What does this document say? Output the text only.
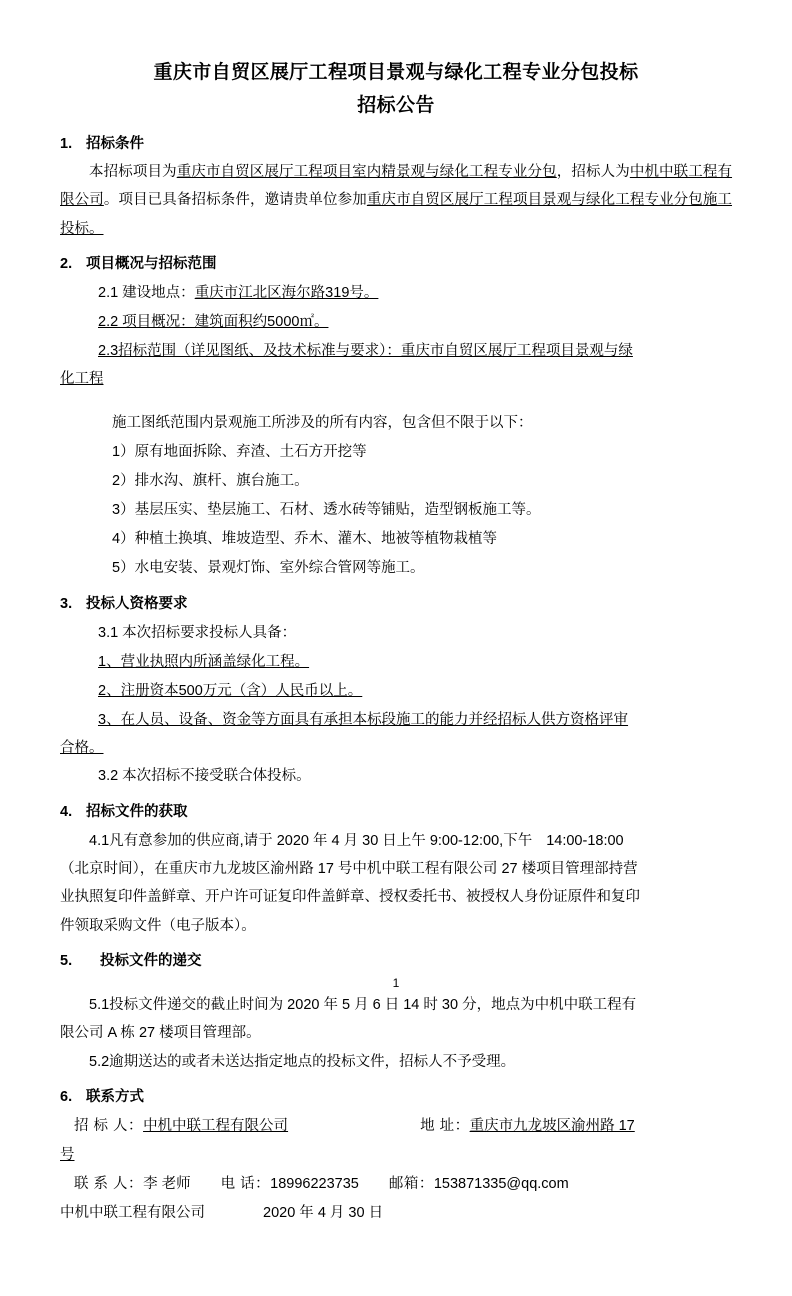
重庆市自贸区展厅工程项目景观与绿化工程专业分包投标
招标公告
1. 招标条件

本招标项目为重庆市自贸区展厅工程项目室内精景观与绿化工程专业分包，招标人为中机中联工程有限公司。项目已具备招标条件，邀请贵单位参加重庆市自贸区展厅工程项目景观与绿化工程专业分包施工投标。

2. 项目概况与招标范围

2.1 建设地点：重庆市江北区海尔路319号。

2.2 项目概况：建筑面积约5000㎡。

2.3招标范围（详见图纸、及技术标准与要求）：重庆市自贸区展厅工程项目景观与绿

化工程

施工图纸范围内景观施工所涉及的所有内容，包含但不限于以下：

1）原有地面拆除、弃渣、土石方开挖等

2）排水沟、旗杆、旗台施工。

3）基层压实、垫层施工、石材、透水砖等铺贴，造型钢板施工等。

4）种植土换填、堆坡造型、乔木、灌木、地被等植物栽植等

5）水电安装、景观灯饰、室外综合管网等施工。

3. 投标人资格要求

3.1 本次招标要求投标人具备：

1、营业执照内所涵盖绿化工程。

2、注册资本500万元（含）人民币以上。

3、在人员、设备、资金等方面具有承担本标段施工的能力并经招标人供方资格评审

合格。

3.2 本次招标不接受联合体投标。

4. 招标文件的获取

4.1凡有意参加的供应商,请于 2020 年 4 月 30 日上午 9:00-12:00,下午 14:00-18:00

（北京时间），在重庆市九龙坡区渝州路 17 号中机中联工程有限公司 27 楼项目管理部持营

业执照复印件盖鲜章、开户许可证复印件盖鲜章、授权委托书、被授权人身份证原件和复印

件领取采购文件（电子版本）。

5. 投标文件的递交

1

5.1投标文件递交的截止时间为 2020 年 5 月 6 日 14 时 30 分，地点为中机中联工程有

限公司 A 栋 27 楼项目管理部。

5.2逾期送达的或者未送达指定地点的投标文件，招标人不予受理。

6. 联系方式

招 标 人：中机中联工程有限公司	地 址：重庆市九龙坡区渝州路 17

号

联 系 人：李 老师 电 话：18996223735 邮箱：153871335@qq.com

中机中联工程有限公司	2020 年 4 月 30 日
